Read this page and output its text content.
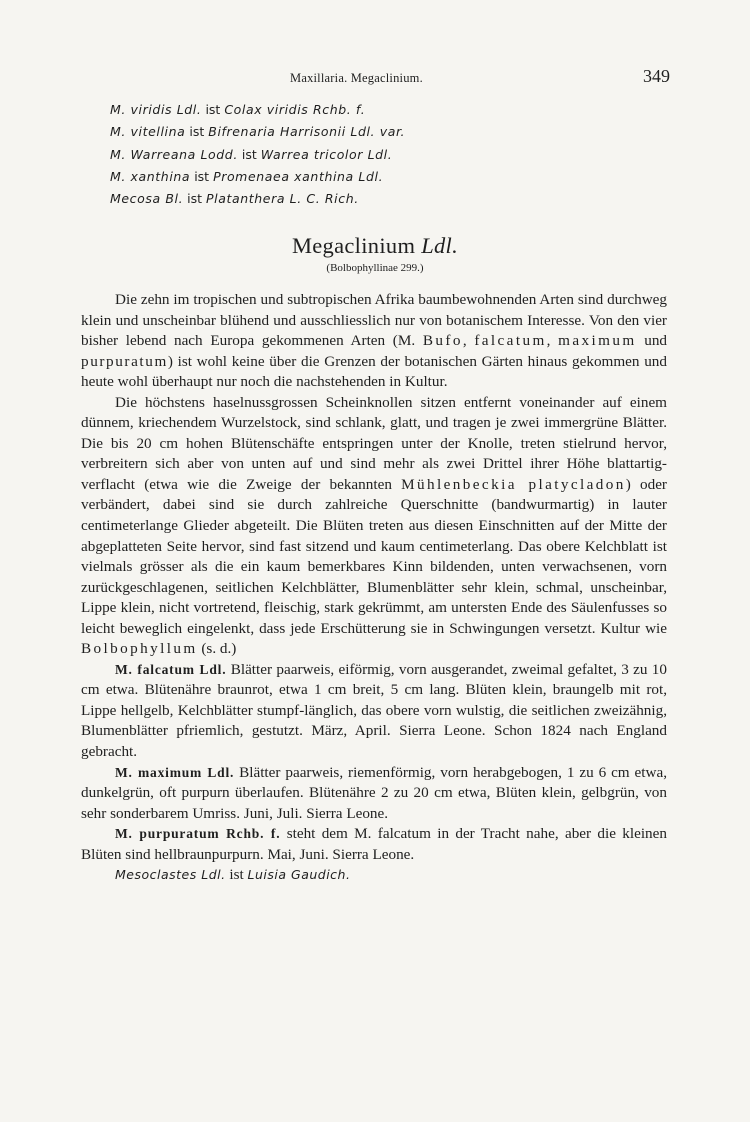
Maxillaria. Megaclinium.	349
M. viridis Ldl. ist Colax viridis Rchb. f.
M. vitellina ist Bifrenaria Harrisonii Ldl. var.
M. Warreana Lodd. ist Warrea tricolor Ldl.
M. xanthina ist Promenaea xanthina Ldl.
Mecosa Bl. ist Platanthera L. C. Rich.
Megaclinium Ldl.
(Bolbophyllinae 299.)

Die zehn im tropischen und subtropischen Afrika baumbewohnenden Arten sind durchweg klein und unscheinbar blühend und ausschliesslich nur von botanischem Interesse. Von den vier bisher lebend nach Europa gekommenen Arten (M. Bufo, falcatum, maximum und purpuratum) ist wohl keine über die Grenzen der botanischen Gärten hinaus gekommen und heute wohl überhaupt nur noch die nachstehenden in Kultur.

Die höchstens haselnussgrossen Scheinknollen sitzen entfernt voneinander auf einem dünnem, kriechendem Wurzelstock, sind schlank, glatt, und tragen je zwei immergrüne Blätter. Die bis 20 cm hohen Blütenschäfte entspringen unter der Knolle, treten stielrund hervor, verbreitern sich aber von unten auf und sind mehr als zwei Drittel ihrer Höhe blattartig-verflacht (etwa wie die Zweige der bekannten Mühlenbeckia platycladon) oder verbändert, dabei sind sie durch zahlreiche Querschnitte (bandwurmartig) in lauter centimeterlange Glieder abgeteilt. Die Blüten treten aus diesen Einschnitten auf der Mitte der abgeplatteten Seite hervor, sind fast sitzend und kaum centimeterlang. Das obere Kelchblatt ist vielmals grösser als die ein kaum bemerkbares Kinn bildenden, unten verwachsenen, vorn zurückgeschlagenen, seitlichen Kelchblätter, Blumenblätter sehr klein, schmal, unscheinbar, Lippe klein, nicht vortretend, fleischig, stark gekrümmt, am untersten Ende des Säulenfusses so leicht beweglich eingelenkt, dass jede Erschütterung sie in Schwingungen versetzt. Kultur wie Bolbophyllum (s. d.)

M. falcatum Ldl. Blätter paarweis, eiförmig, vorn ausgerandet, zweimal gefaltet, 3 zu 10 cm etwa. Blütenähre braunrot, etwa 1 cm breit, 5 cm lang. Blüten klein, braungelb mit rot, Lippe hellgelb, Kelchblätter stumpf-länglich, das obere vorn wulstig, die seitlichen zweizähnig, Blumenblätter pfriemlich, gestutzt. März, April. Sierra Leone. Schon 1824 nach England gebracht.

M. maximum Ldl. Blätter paarweis, riemenförmig, vorn herabgebogen, 1 zu 6 cm etwa, dunkelgrün, oft purpurn überlaufen. Blütenähre 2 zu 20 cm etwa, Blüten klein, gelbgrün, von sehr sonderbarem Umriss. Juni, Juli. Sierra Leone.

M. purpuratum Rchb. f. steht dem M. falcatum in der Tracht nahe, aber die kleinen Blüten sind hellbraunpurpurn. Mai, Juni. Sierra Leone.

Mesoclastes Ldl. ist Luisia Gaudich.
